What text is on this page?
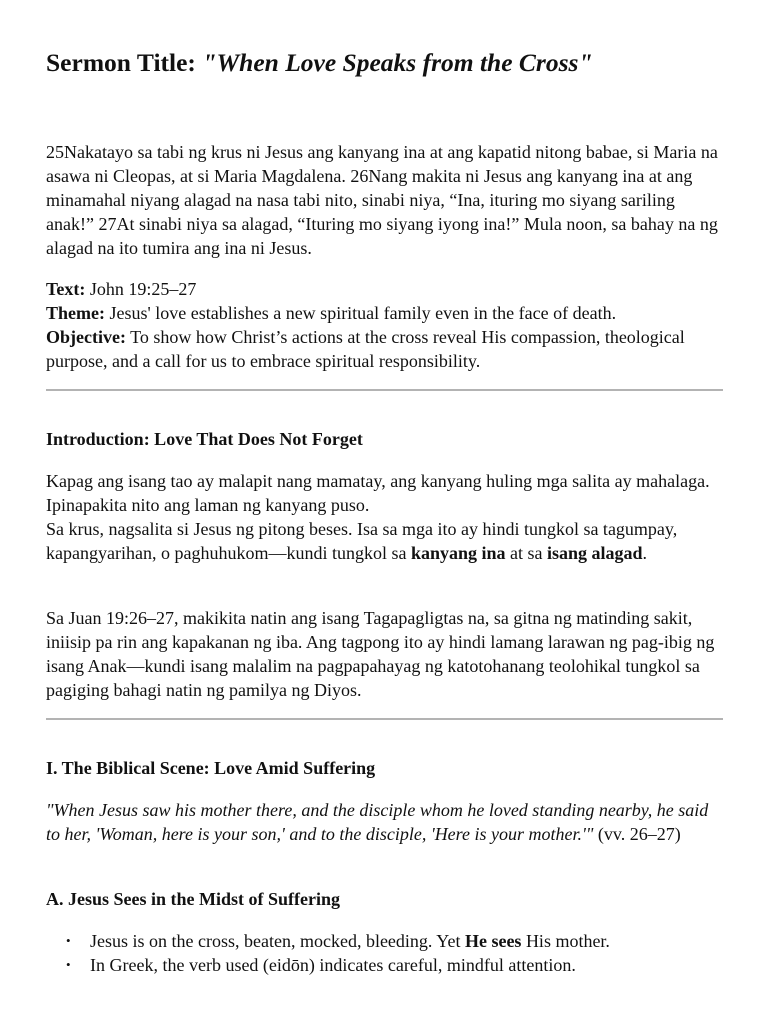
Sermon Title: "When Love Speaks from the Cross"

25Nakatayo sa tabi ng krus ni Jesus ang kanyang ina at ang kapatid nitong babae, si Maria na asawa ni Cleopas, at si Maria Magdalena. 26Nang makita ni Jesus ang kanyang ina at ang minamahal niyang alagad na nasa tabi nito, sinabi niya, “Ina, ituring mo siyang sariling anak!” 27At sinabi niya sa alagad, “Ituring mo siyang iyong ina!” Mula noon, sa bahay na ng alagad na ito tumira ang ina ni Jesus.

Text: John 19:25–27
Theme: Jesus' love establishes a new spiritual family even in the face of death.
Objective: To show how Christ’s actions at the cross reveal His compassion, theological purpose, and a call for us to embrace spiritual responsibility.

Introduction: Love That Does Not Forget

Kapag ang isang tao ay malapit nang mamatay, ang kanyang huling mga salita ay mahalaga. Ipinapakita nito ang laman ng kanyang puso.
Sa krus, nagsalita si Jesus ng pitong beses. Isa sa mga ito ay hindi tungkol sa tagumpay, kapangyarihan, o paghuhukom—kundi tungkol sa kanyang ina at sa isang alagad.

Sa Juan 19:26–27, makikita natin ang isang Tagapagligtas na, sa gitna ng matinding sakit, iniisip pa rin ang kapakanan ng iba. Ang tagpong ito ay hindi lamang larawan ng pag-ibig ng isang Anak—kundi isang malalim na pagpapahayag ng katotohanang teolohikal tungkol sa pagiging bahagi natin ng pamilya ng Diyos.

I. The Biblical Scene: Love Amid Suffering

"When Jesus saw his mother there, and the disciple whom he loved standing nearby, he said to her, 'Woman, here is your son,' and to the disciple, 'Here is your mother.'" (vv. 26–27)

A. Jesus Sees in the Midst of Suffering
• Jesus is on the cross, beaten, mocked, bleeding. Yet He sees His mother.
• In Greek, the verb used (eidōn) indicates careful, mindful attention.
